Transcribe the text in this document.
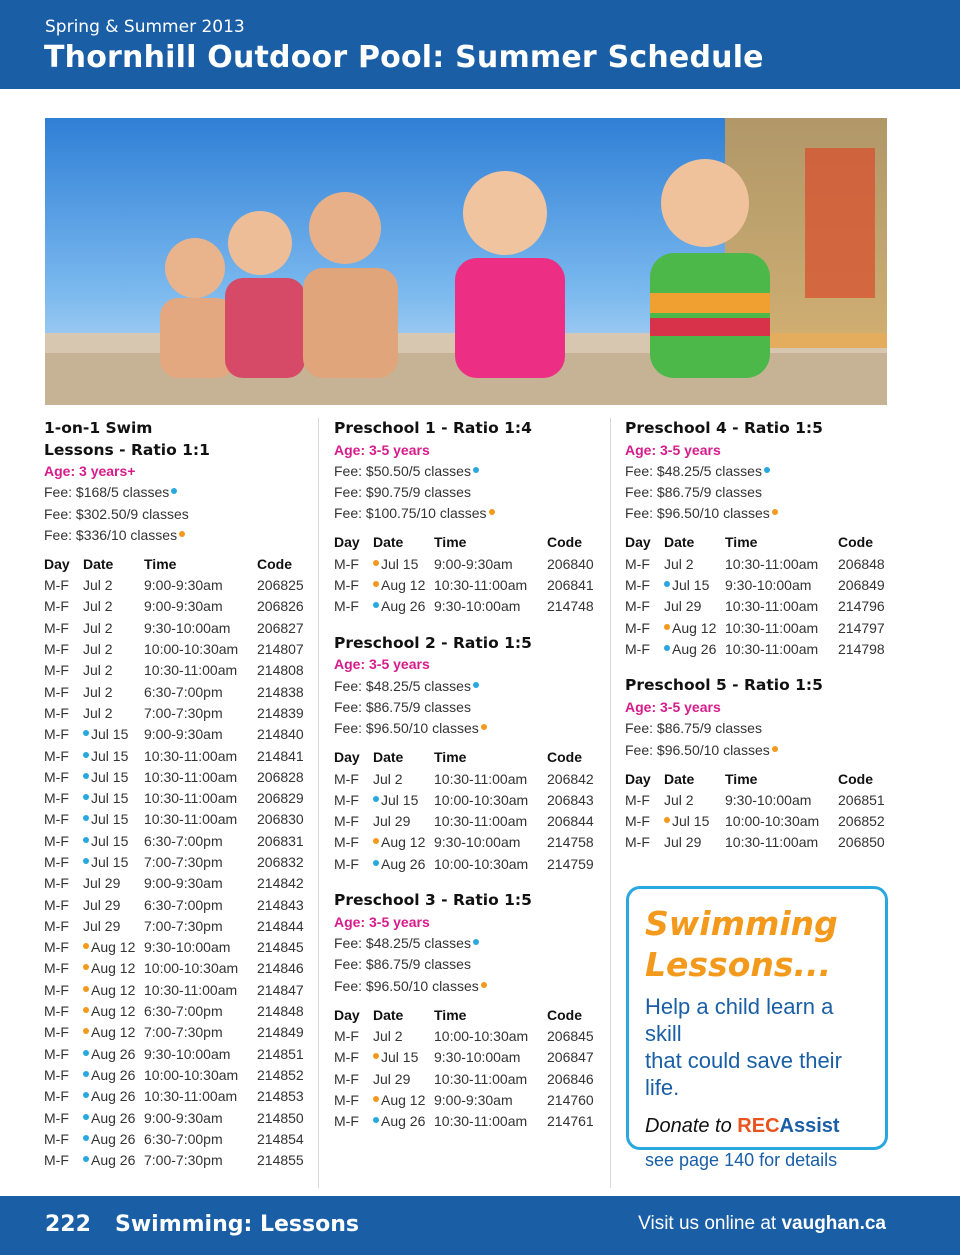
Spring & Summer 2013
Thornhill Outdoor Pool: Summer Schedule
1-on-1 Swim
Lessons - Ratio 1:1
Age: 3 years+
Fee: $168/5 classes
Fee: $302.50/9 classes
Fee: $336/10 classes
Day	Date	Time	Code
M-F	Jul 2	9:00-9:30am	206825
M-F	Jul 2	9:00-9:30am	206826
M-F	Jul 2	9:30-10:00am	206827
M-F	Jul 2	10:00-10:30am	214807
M-F	Jul 2	10:30-11:00am	214808
M-F	Jul 2	6:30-7:00pm	214838
M-F	Jul 2	7:00-7:30pm	214839
M-F	Jul 15	9:00-9:30am	214840
M-F	Jul 15	10:30-11:00am	214841
M-F	Jul 15	10:30-11:00am	206828
M-F	Jul 15	10:30-11:00am	206829
M-F	Jul 15	10:30-11:00am	206830
M-F	Jul 15	6:30-7:00pm	206831
M-F	Jul 15	7:00-7:30pm	206832
M-F	Jul 29	9:00-9:30am	214842
M-F	Jul 29	6:30-7:00pm	214843
M-F	Jul 29	7:00-7:30pm	214844
M-F	Aug 12	9:30-10:00am	214845
M-F	Aug 12	10:00-10:30am	214846
M-F	Aug 12	10:30-11:00am	214847
M-F	Aug 12	6:30-7:00pm	214848
M-F	Aug 12	7:00-7:30pm	214849
M-F	Aug 26	9:30-10:00am	214851
M-F	Aug 26	10:00-10:30am	214852
M-F	Aug 26	10:30-11:00am	214853
M-F	Aug 26	9:00-9:30am	214850
M-F	Aug 26	6:30-7:00pm	214854
M-F	Aug 26	7:00-7:30pm	214855
Preschool 1 - Ratio 1:4
Age: 3-5 years
Fee: $50.50/5 classes
Fee: $90.75/9 classes
Fee: $100.75/10 classes
Day	Date	Time	Code
M-F	Jul 15	9:00-9:30am	206840
M-F	Aug 12	10:30-11:00am	206841
M-F	Aug 26	9:30-10:00am	214748
Preschool 2 - Ratio 1:5
Age: 3-5 years
Fee: $48.25/5 classes
Fee: $86.75/9 classes
Fee: $96.50/10 classes
Day	Date	Time	Code
M-F	Jul 2	10:30-11:00am	206842
M-F	Jul 15	10:00-10:30am	206843
M-F	Jul 29	10:30-11:00am	206844
M-F	Aug 12	9:30-10:00am	214758
M-F	Aug 26	10:00-10:30am	214759
Preschool 3 - Ratio 1:5
Age: 3-5 years
Fee: $48.25/5 classes
Fee: $86.75/9 classes
Fee: $96.50/10 classes
Day	Date	Time	Code
M-F	Jul 2	10:00-10:30am	206845
M-F	Jul 15	9:30-10:00am	206847
M-F	Jul 29	10:30-11:00am	206846
M-F	Aug 12	9:00-9:30am	214760
M-F	Aug 26	10:30-11:00am	214761
Preschool 4 - Ratio 1:5
Age: 3-5 years
Fee: $48.25/5 classes
Fee: $86.75/9 classes
Fee: $96.50/10 classes
Day	Date	Time	Code
M-F	Jul 2	10:30-11:00am	206848
M-F	Jul 15	9:30-10:00am	206849
M-F	Jul 29	10:30-11:00am	214796
M-F	Aug 12	10:30-11:00am	214797
M-F	Aug 26	10:30-11:00am	214798
Preschool 5 - Ratio 1:5
Age: 3-5 years
Fee: $86.75/9 classes
Fee: $96.50/10 classes
Day	Date	Time	Code
M-F	Jul 2	9:30-10:00am	206851
M-F	Jul 15	10:00-10:30am	206852
M-F	Jul 29	10:30-11:00am	206850
Swimming
Lessons...
Help a child learn a skill
that could save their life.
Donate to RECAssist
see page 140 for details
222 Swimming: Lessons	Visit us online at vaughan.ca
